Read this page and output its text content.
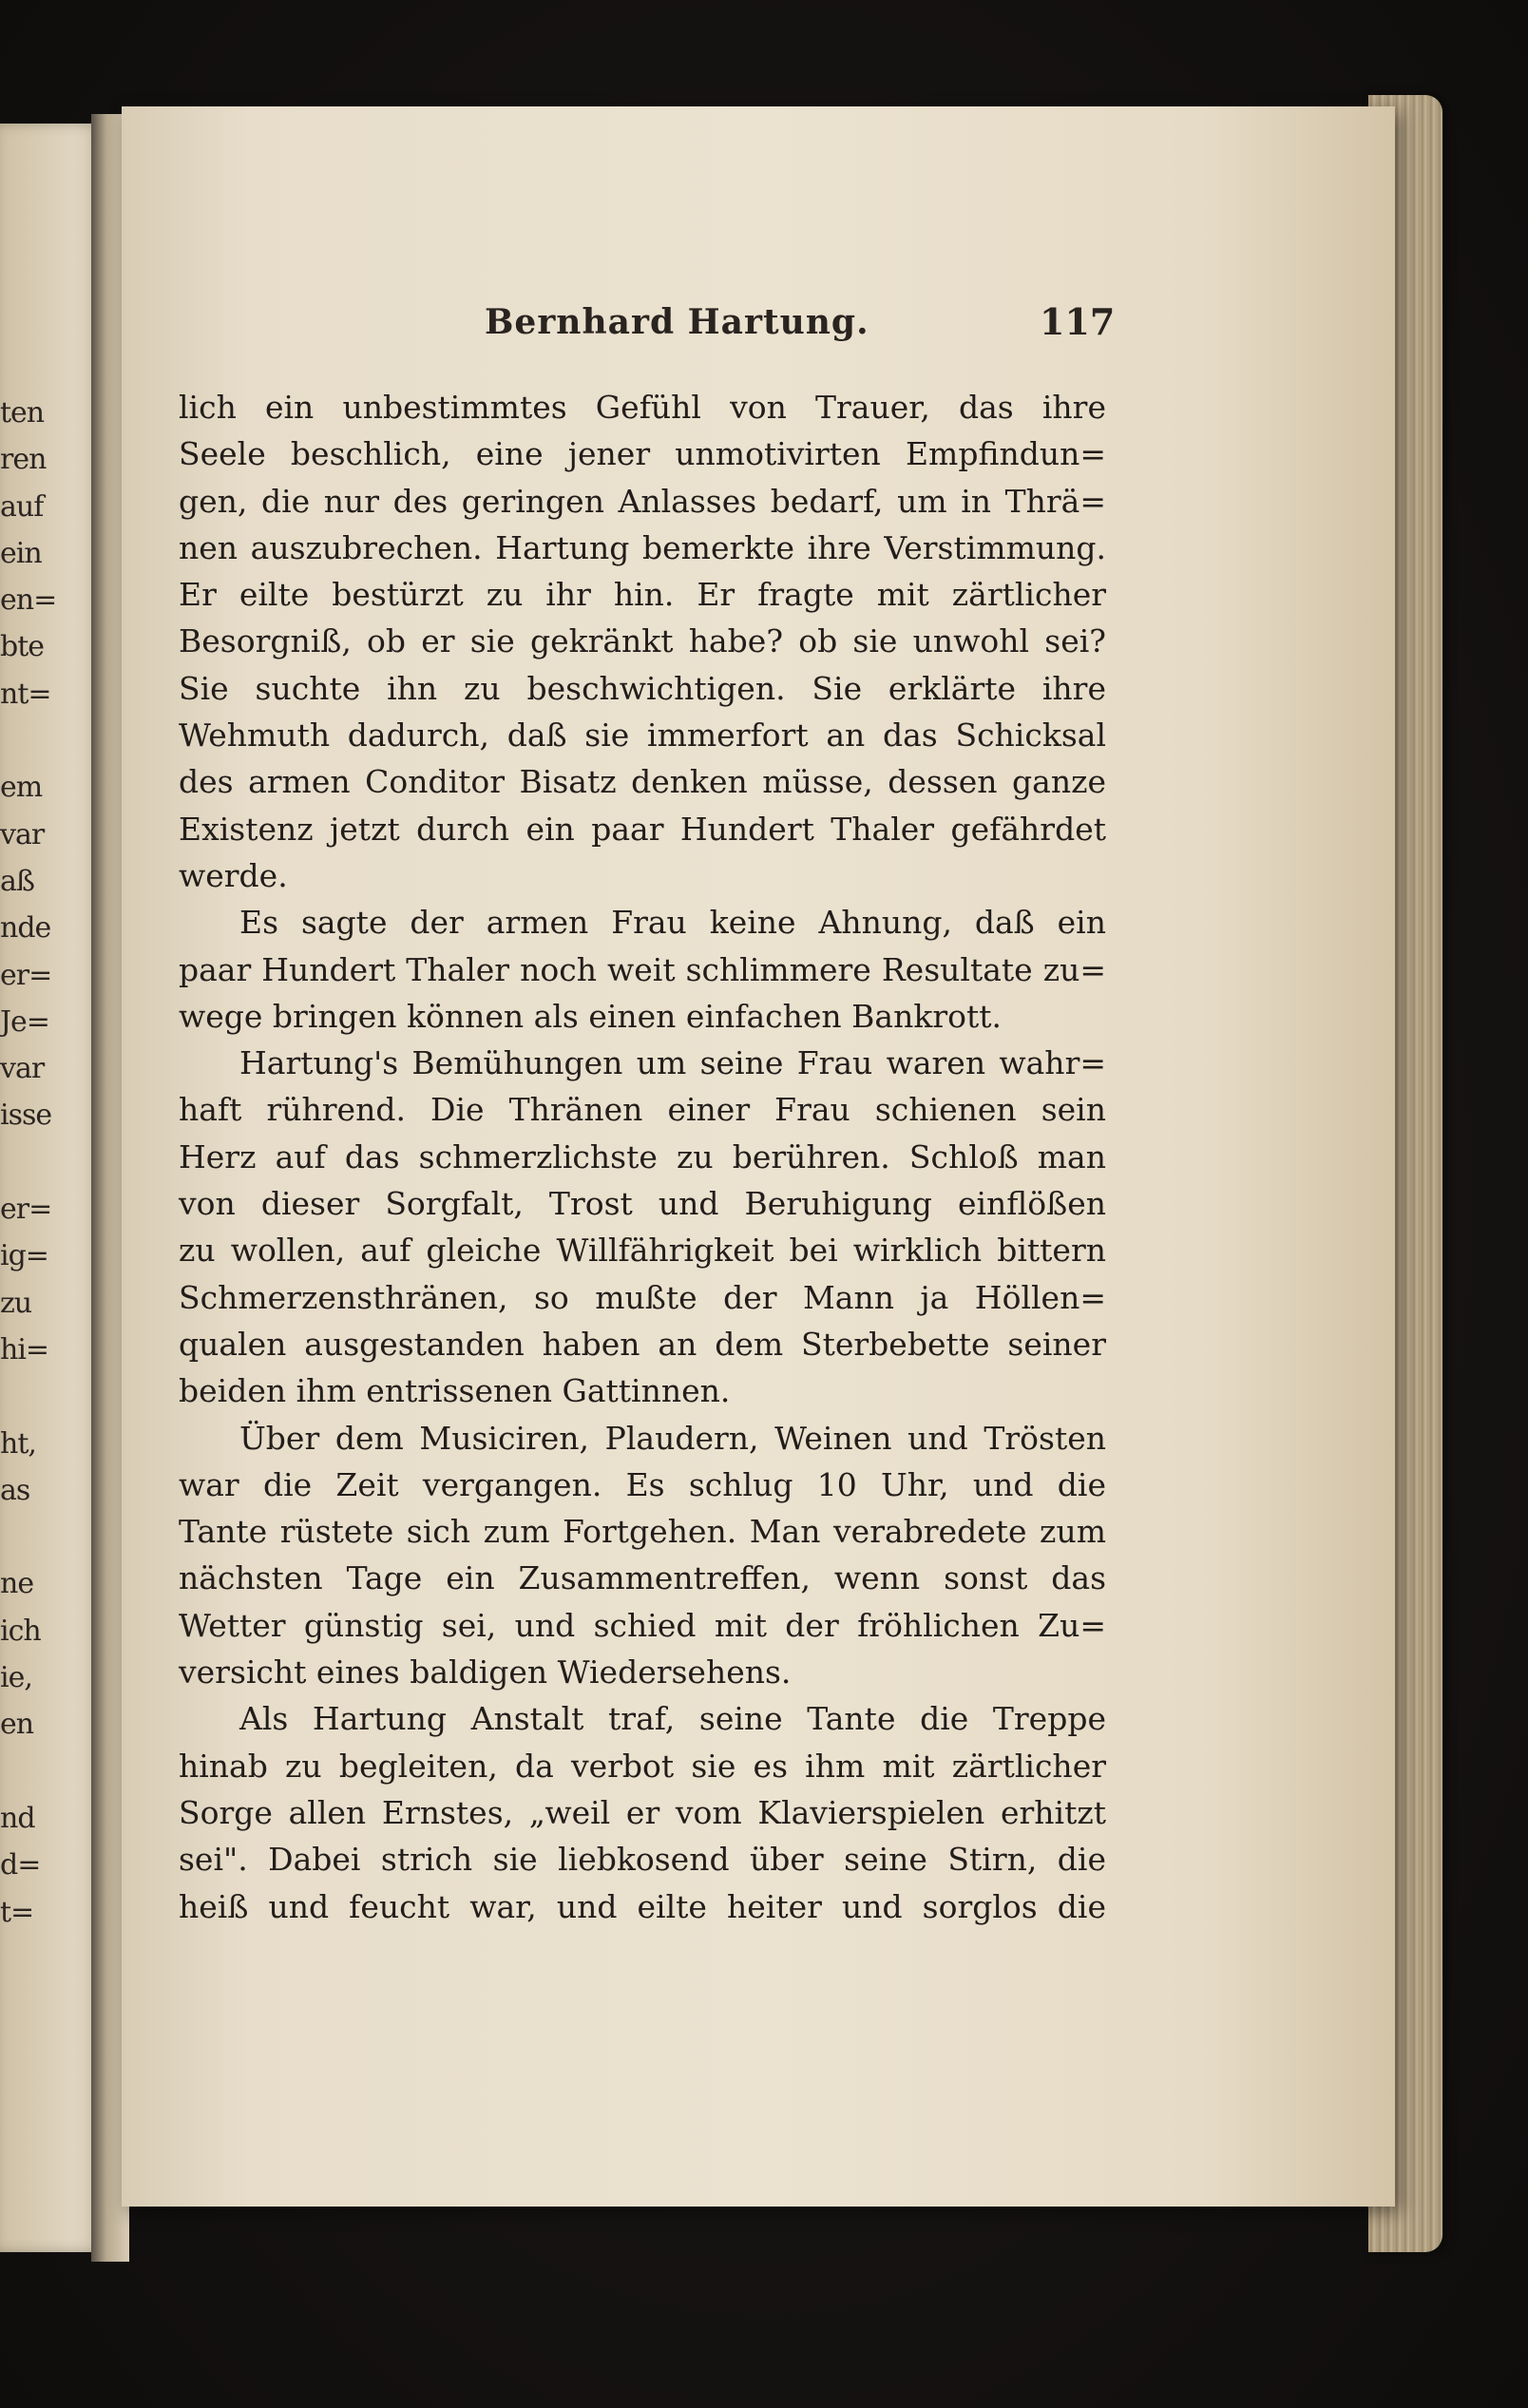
ten
ren
auf
ein
en=
bte
nt=
em
var
aß
nde
er=
Je=
var
isse
er=
ig=
zu
hi=
ht,
as
ne
ich
ie,
en
nd
d=
t=
Bernhard Hartung.	117
lich ein unbestimmtes Gefühl von Trauer, das ihre
Seele beschlich, eine jener unmotivirten Empfindun=
gen, die nur des geringen Anlasses bedarf, um in Thrä=
nen auszubrechen. Hartung bemerkte ihre Verstimmung.
Er eilte bestürzt zu ihr hin. Er fragte mit zärtlicher
Besorgniß, ob er sie gekränkt habe? ob sie unwohl sei?
Sie suchte ihn zu beschwichtigen. Sie erklärte ihre
Wehmuth dadurch, daß sie immerfort an das Schicksal
des armen Conditor Bisatz denken müsse, dessen ganze
Existenz jetzt durch ein paar Hundert Thaler gefährdet
werde.
Es sagte der armen Frau keine Ahnung, daß ein
paar Hundert Thaler noch weit schlimmere Resultate zu=
wege bringen können als einen einfachen Bankrott.
Hartung's Bemühungen um seine Frau waren wahr=
haft rührend. Die Thränen einer Frau schienen sein
Herz auf das schmerzlichste zu berühren. Schloß man
von dieser Sorgfalt, Trost und Beruhigung einflößen
zu wollen, auf gleiche Willfährigkeit bei wirklich bittern
Schmerzensthränen, so mußte der Mann ja Höllen=
qualen ausgestanden haben an dem Sterbebette seiner
beiden ihm entrissenen Gattinnen.
Über dem Musiciren, Plaudern, Weinen und Trösten
war die Zeit vergangen. Es schlug 10 Uhr, und die
Tante rüstete sich zum Fortgehen. Man verabredete zum
nächsten Tage ein Zusammentreffen, wenn sonst das
Wetter günstig sei, und schied mit der fröhlichen Zu=
versicht eines baldigen Wiedersehens.
Als Hartung Anstalt traf, seine Tante die Treppe
hinab zu begleiten, da verbot sie es ihm mit zärtlicher
Sorge allen Ernstes, „weil er vom Klavierspielen erhitzt
sei". Dabei strich sie liebkosend über seine Stirn, die
heiß und feucht war, und eilte heiter und sorglos die
